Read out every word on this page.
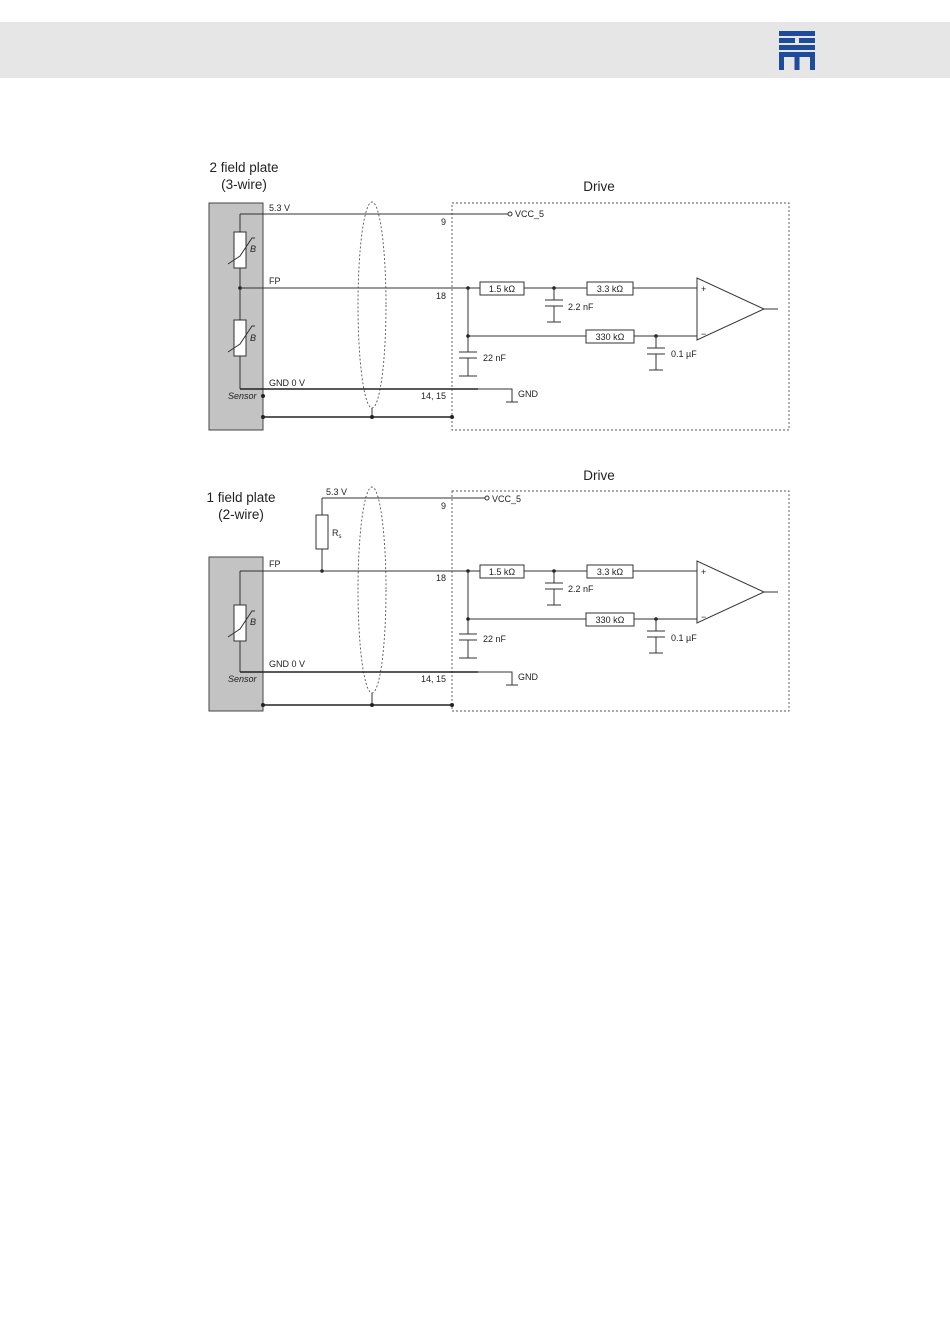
2 field plate
(3-wire)	Drive
Sensor
B
B
5.3 V
FP
GND 0 V
9
18
14, 15
VCC_5
GND
22 nF
1.5 kΩ
2.2 nF
3.3 kΩ
330 kΩ
0.1 µF
+
−
1 field plate
(2-wire)
Drive
Sensor
B
$R_s$
5.3 V
FP
GND 0 V
9
18
14, 15
VCC_5
GND
22 nF
1.5 kΩ
2.2 nF
3.3 kΩ
330 kΩ
0.1 µF
+
−
